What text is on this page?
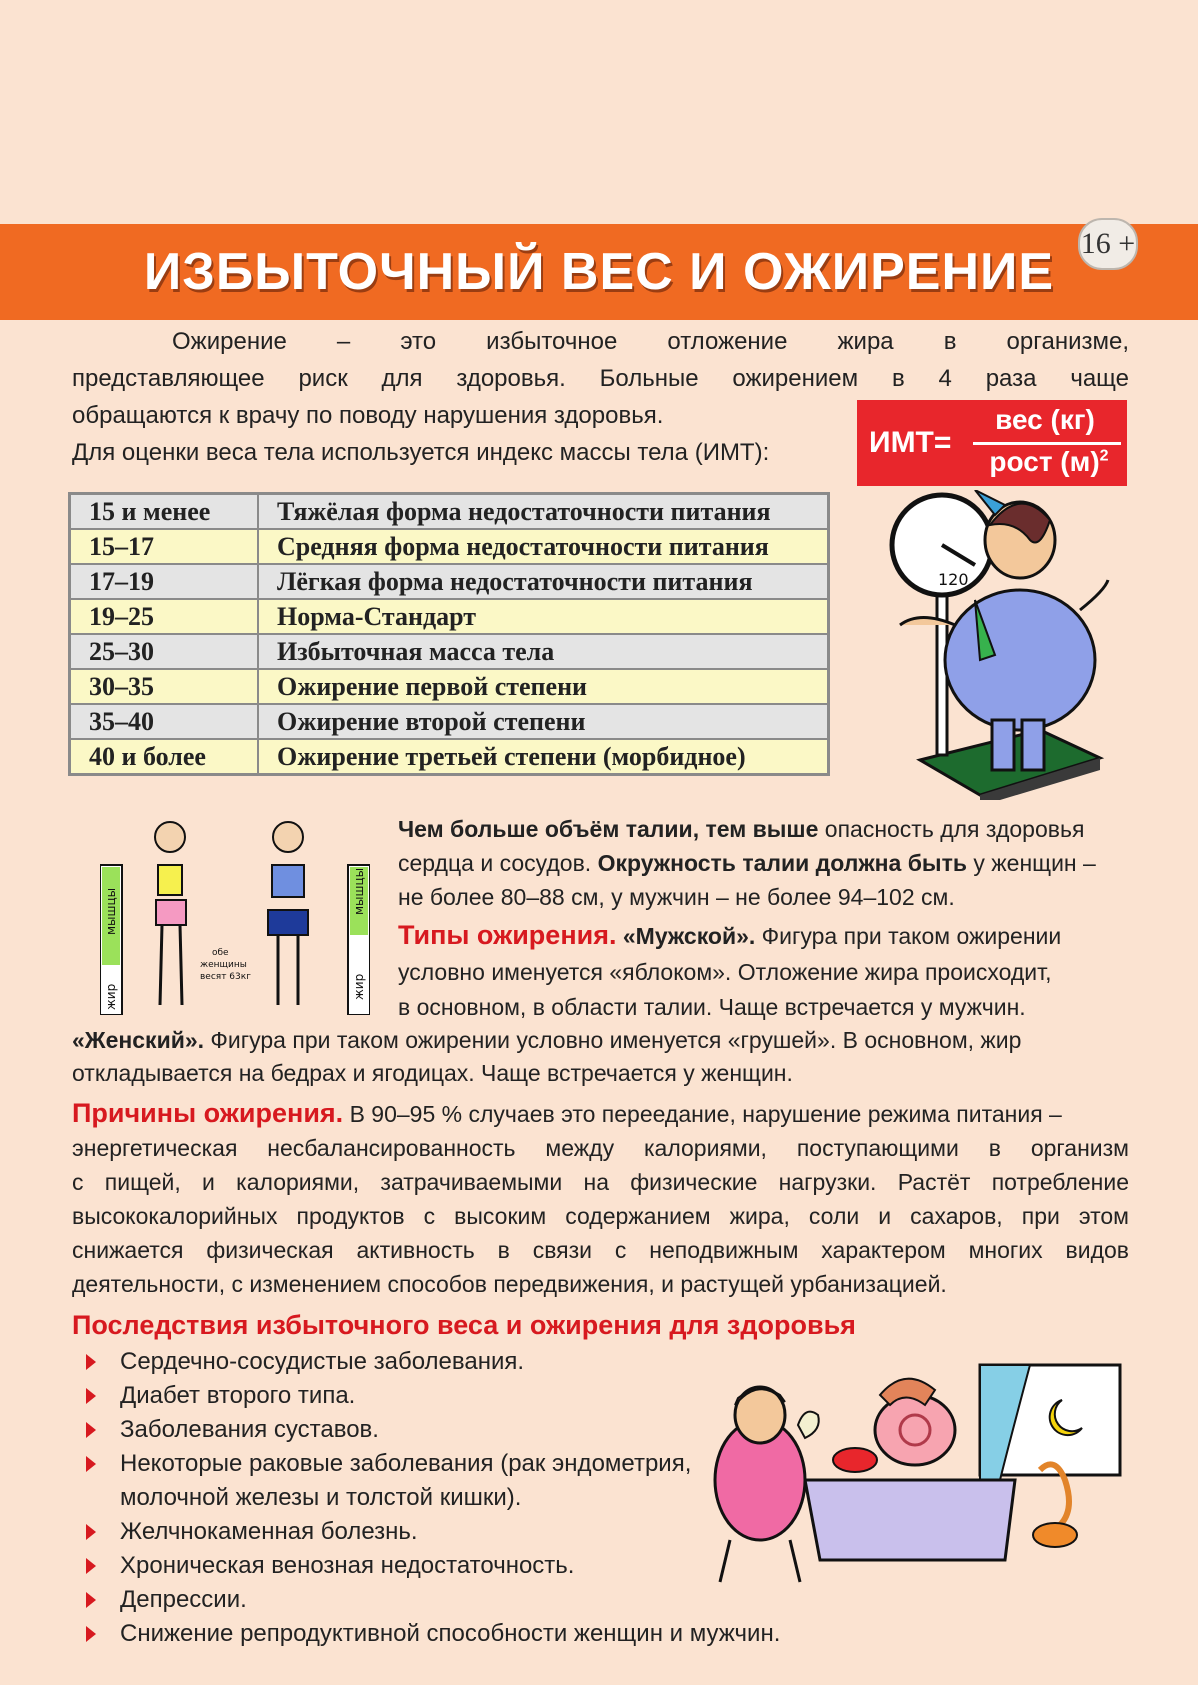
ИЗБЫТОЧНЫЙ ВЕС И ОЖИРЕНИЕ 16 +
Ожирение – это избыточное отложение жира в организме,
представляющее риск для здоровья. Больные ожирением в 4 раза чаще
обращаются к врачу по поводу нарушения здоровья.
Для оценки веса тела используется индекс массы тела (ИМТ):	ИМТ=
вес (кг)
рост $(м)^2$
15 и менее	Тяжёлая форма недостаточности питания
15–17	Средняя форма недостаточности питания
17–19	Лёгкая форма недостаточности питания
19–25	Норма-Стандарт
25–30	Избыточная масса тела
30–35	Ожирение первой степени
35–40	Ожирение второй степени
40 и более	Ожирение третьей степени (морбидное)
120
мышцы
жир
обе
женщины
весят 63кг
мышцы
жир
Чем больше объём талии, тем выше опасность для здоровья
сердца и сосудов. Окружность талии должна быть у женщин –
не более 80–88 см, у мужчин – не более 94–102 см.
Типы ожирения. «Мужской». Фигура при таком ожирении
условно именуется «яблоком». Отложение жира происходит,
в основном, в области талии. Чаще встречается у мужчин.
«Женский». Фигура при таком ожирении условно именуется «грушей». В основном, жир
откладывается на бедрах и ягодицах. Чаще встречается у женщин.
Причины ожирения. В 90–95 % случаев это переедание, нарушение режима питания –
энергетическая несбалансированность между калориями, поступающими в организм
с пищей, и калориями, затрачиваемыми на физические нагрузки. Растёт потребление
высококалорийных продуктов с высоким содержанием жира, соли и сахаров, при этом
снижается физическая активность в связи с неподвижным характером многих видов
деятельности, с изменением способов передвижения, и растущей урбанизацией.
Последствия избыточного веса и ожирения для здоровья
Сердечно-сосудистые заболевания.
Диабет второго типа.
Заболевания суставов.
Некоторые раковые заболевания (рак эндометрия,
молочной железы и толстой кишки).
Желчнокаменная болезнь.
Хроническая венозная недостаточность.
Депрессии.
Снижение репродуктивной способности женщин и мужчин.
